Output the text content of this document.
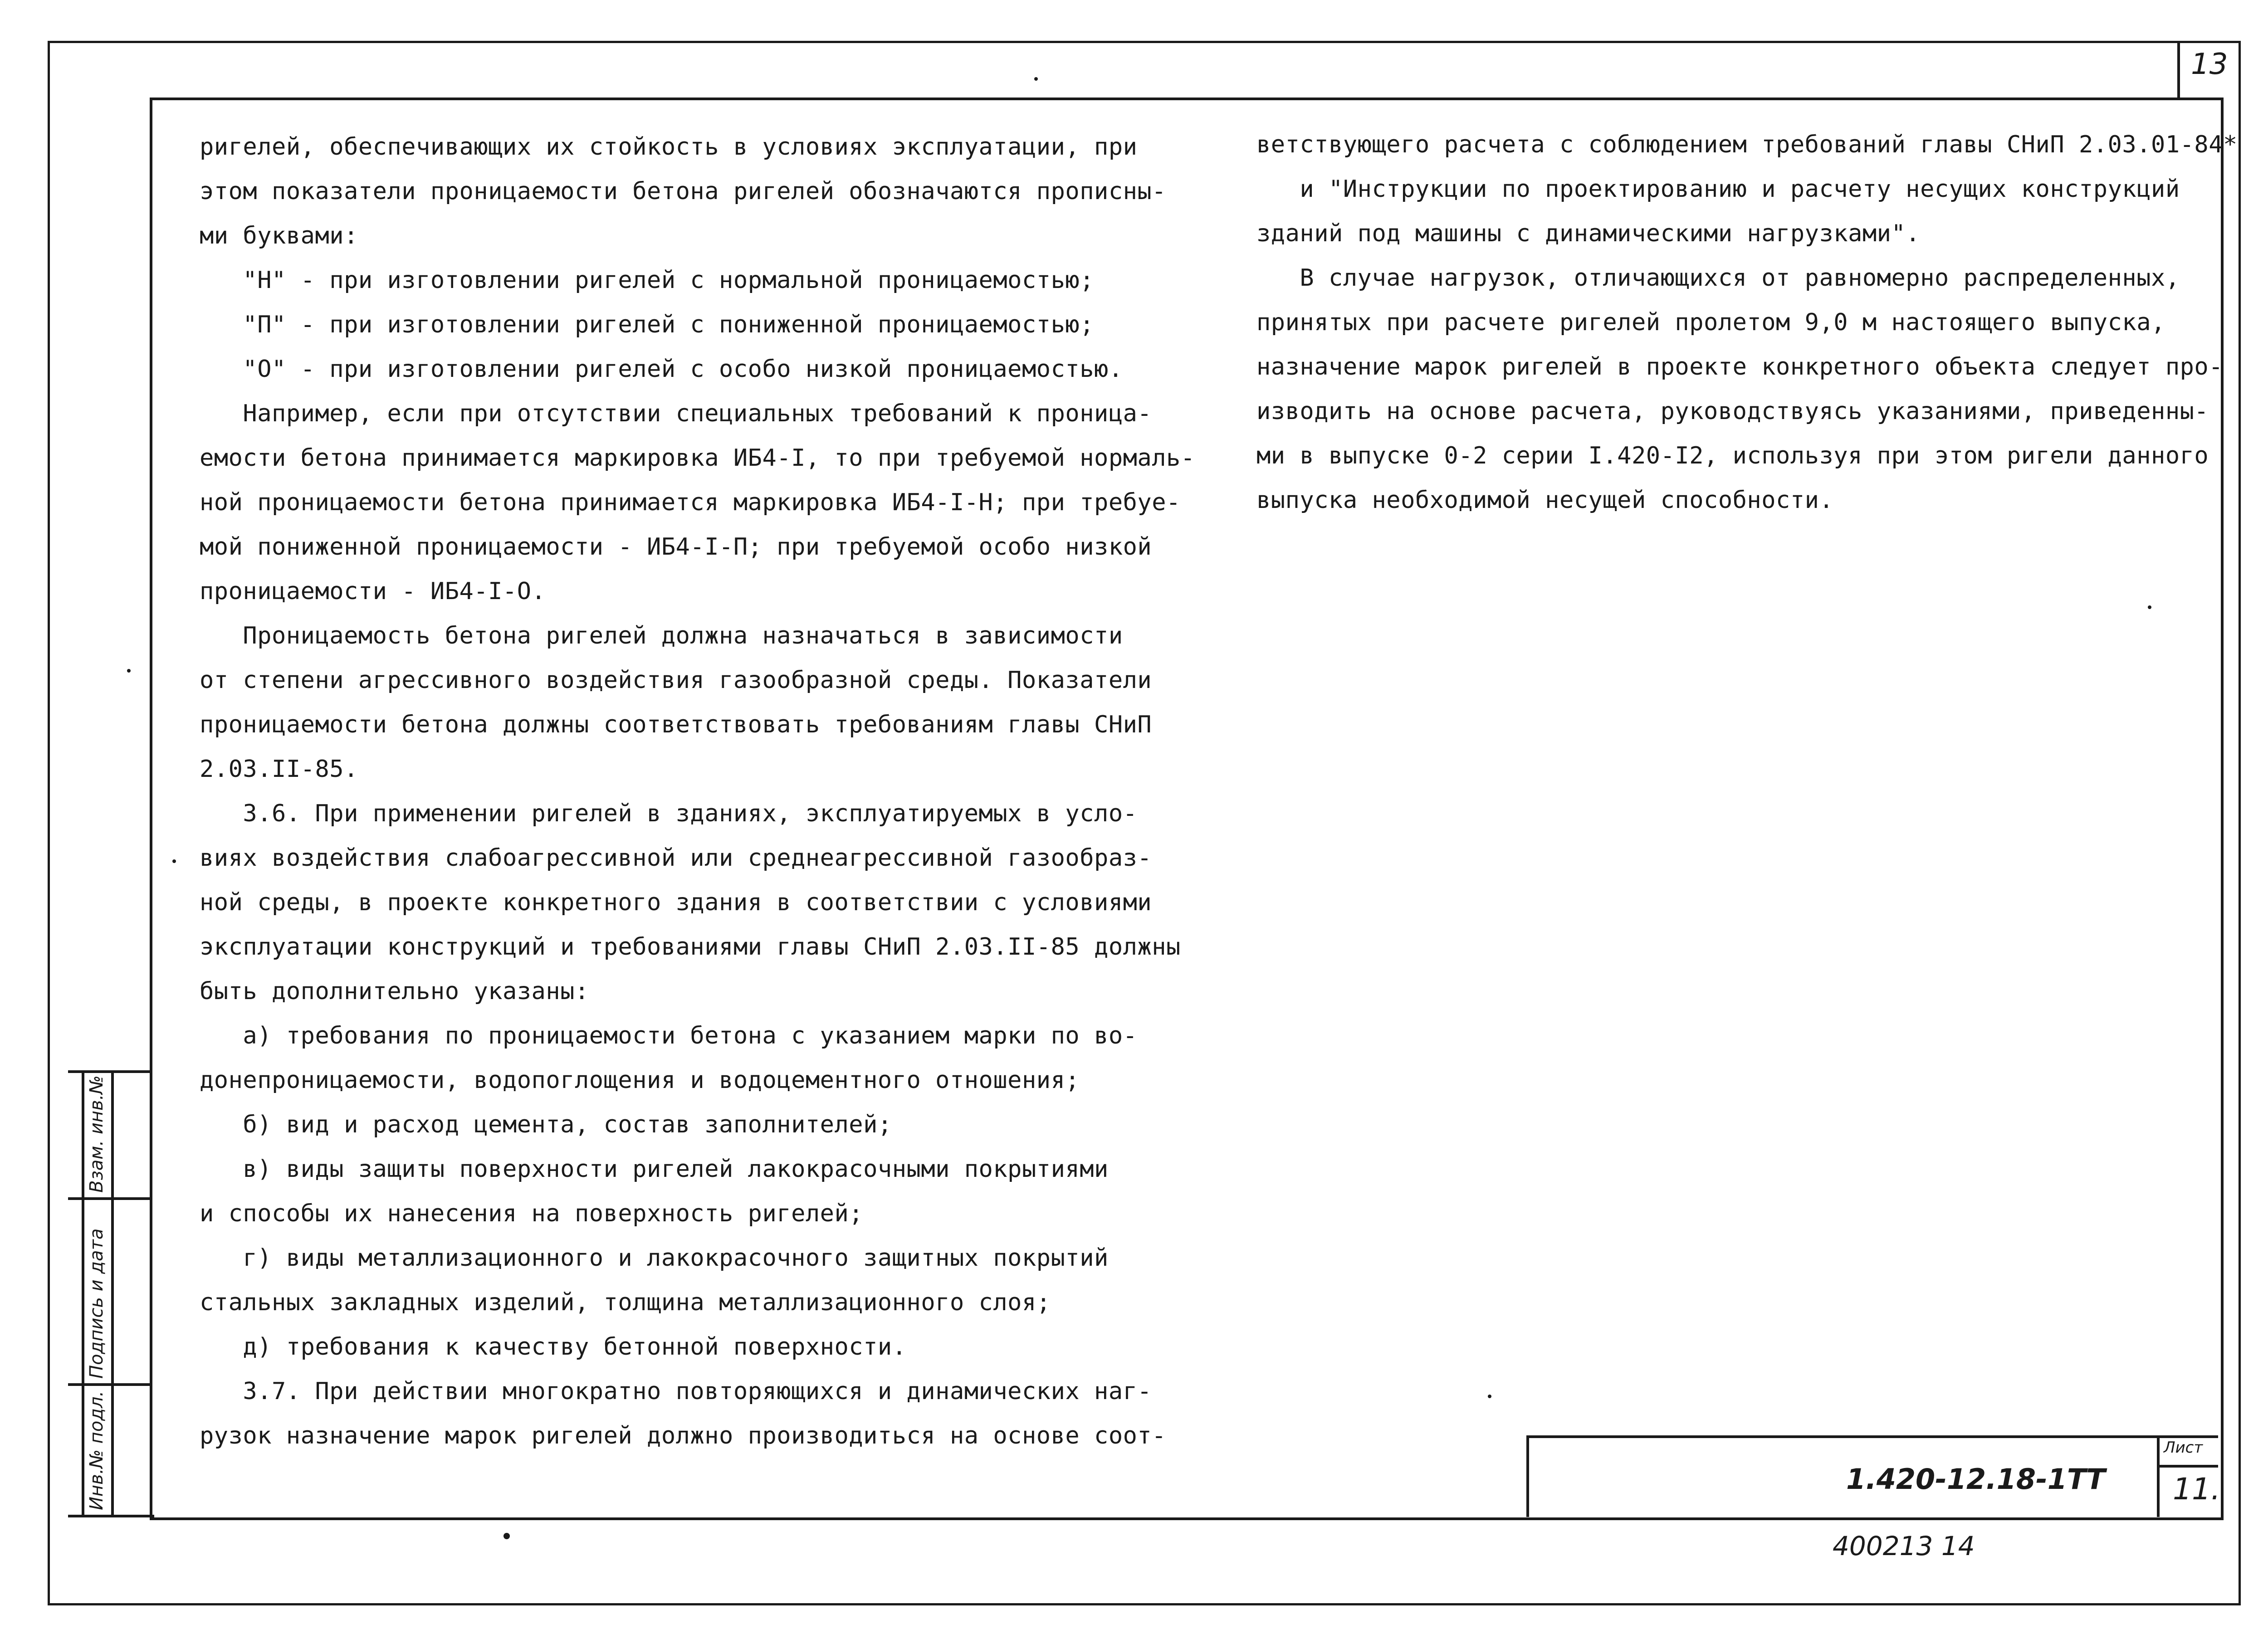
13
Инв.№ подл.
Подпись и дата
Взам. инв.№
1.420-12.18-1ТТ
Лист
11.
400213 14

ригелей, обеспечивающих их стойкость в условиях эксплуатации, при

этом показатели проницаемости бетона ригелей обозначаются прописны-

ми буквами:

"Н" - при изготовлении ригелей с нормальной проницаемостью;

"П" - при изготовлении ригелей с пониженной проницаемостью;

"О" - при изготовлении ригелей с особо низкой проницаемостью.

Например, если при отсутствии специальных требований к проница-

емости бетона принимается маркировка ИБ4-I, то при требуемой нормаль-

ной проницаемости бетона принимается маркировка ИБ4-I-Н; при требуе-

мой пониженной проницаемости - ИБ4-I-П; при требуемой особо низкой

проницаемости - ИБ4-I-О.

Проницаемость бетона ригелей должна назначаться в зависимости

от степени агрессивного воздействия газообразной среды. Показатели

проницаемости бетона должны соответствовать требованиям главы СНиП

2.03.II-85.

3.6. При применении ригелей в зданиях, эксплуатируемых в усло-

виях воздействия слабоагрессивной или среднеагрессивной газообраз-

ной среды, в проекте конкретного здания в соответствии с условиями

эксплуатации конструкций и требованиями главы СНиП 2.03.II-85 должны

быть дополнительно указаны:

а) требования по проницаемости бетона с указанием марки по во-

донепроницаемости, водопоглощения и водоцементного отношения;

б) вид и расход цемента, состав заполнителей;

в) виды защиты поверхности ригелей лакокрасочными покрытиями

и способы их нанесения на поверхность ригелей;

г) виды металлизационного и лакокрасочного защитных покрытий

стальных закладных изделий, толщина металлизационного слоя;

д) требования к качеству бетонной поверхности.

3.7. При действии многократно повторяющихся и динамических наг-

рузок назначение марок ригелей должно производиться на основе соот-

ветствующего расчета с соблюдением требований главы СНиП 2.03.01-84*

и "Инструкции по проектированию и расчету несущих конструкций

зданий под машины с динамическими нагрузками".

В случае нагрузок, отличающихся от равномерно распределенных,

принятых при расчете ригелей пролетом 9,0 м настоящего выпуска,

назначение марок ригелей в проекте конкретного объекта следует про-

изводить на основе расчета, руководствуясь указаниями, приведенны-

ми в выпуске 0-2 серии I.420-I2, используя при этом ригели данного

выпуска необходимой несущей способности.
